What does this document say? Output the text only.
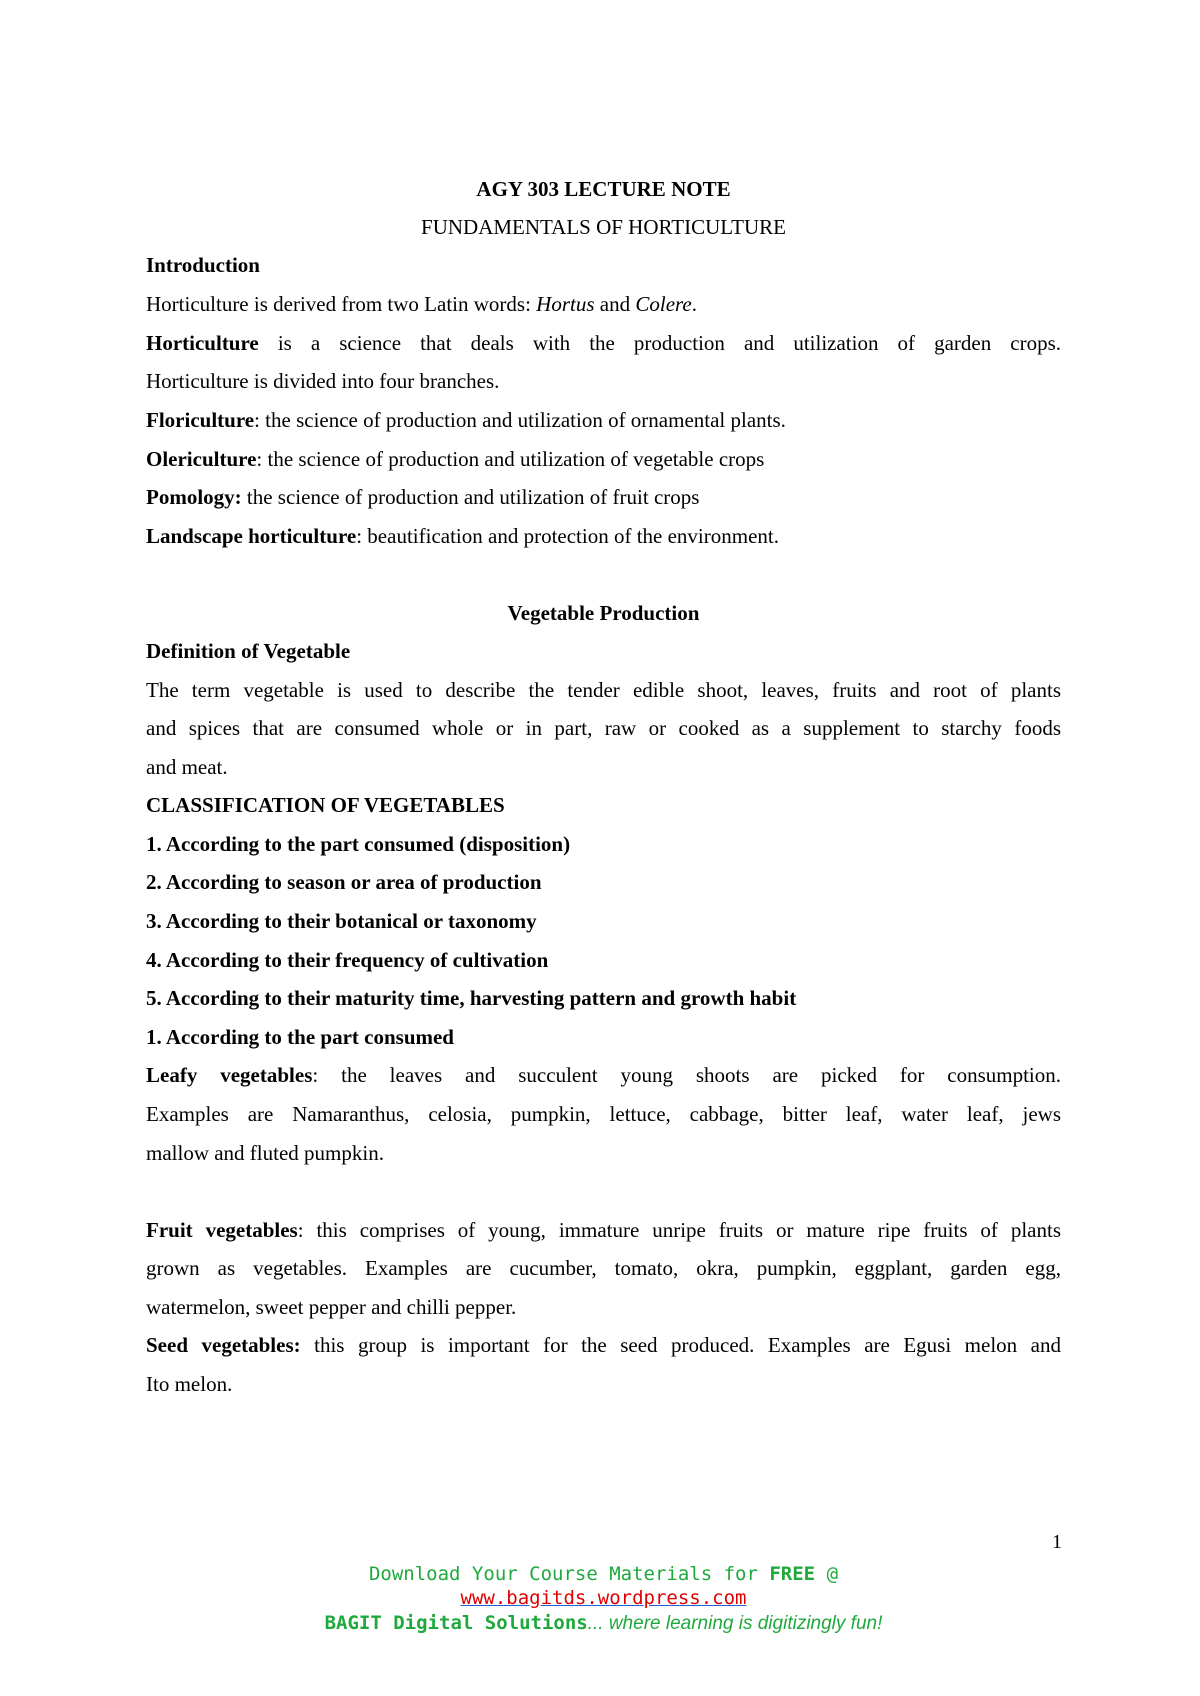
AGY 303 LECTURE NOTE
FUNDAMENTALS OF HORTICULTURE
Introduction
Horticulture is derived from two Latin words: Hortus and Colere.
Horticulture is a science that deals with the production and utilization of garden crops.
Horticulture is divided into four branches.
Floriculture: the science of production and utilization of ornamental plants.
Olericulture: the science of production and utilization of vegetable crops
Pomology: the science of production and utilization of fruit crops
Landscape horticulture: beautification and protection of the environment.
Vegetable Production
Definition of Vegetable
The term vegetable is used to describe the tender edible shoot, leaves, fruits and root of plants
and spices that are consumed whole or in part, raw or cooked as a supplement to starchy foods
and meat.
CLASSIFICATION OF VEGETABLES
1. According to the part consumed (disposition)
2. According to season or area of production
3. According to their botanical or taxonomy
4. According to their frequency of cultivation
5. According to their maturity time, harvesting pattern and growth habit
1. According to the part consumed
Leafy vegetables: the leaves and succulent young shoots are picked for consumption.
Examples are Namaranthus, celosia, pumpkin, lettuce, cabbage, bitter leaf, water leaf, jews
mallow and fluted pumpkin.
Fruit vegetables: this comprises of young, immature unripe fruits or mature ripe fruits of plants
grown as vegetables. Examples are cucumber, tomato, okra, pumpkin, eggplant, garden egg,
watermelon, sweet pepper and chilli pepper.
Seed vegetables: this group is important for the seed produced. Examples are Egusi melon and
Ito melon.
1
Download Your Course Materials for FREE @
www.bagitds.wordpress.com
BAGIT Digital Solutions... where learning is digitizingly fun!
